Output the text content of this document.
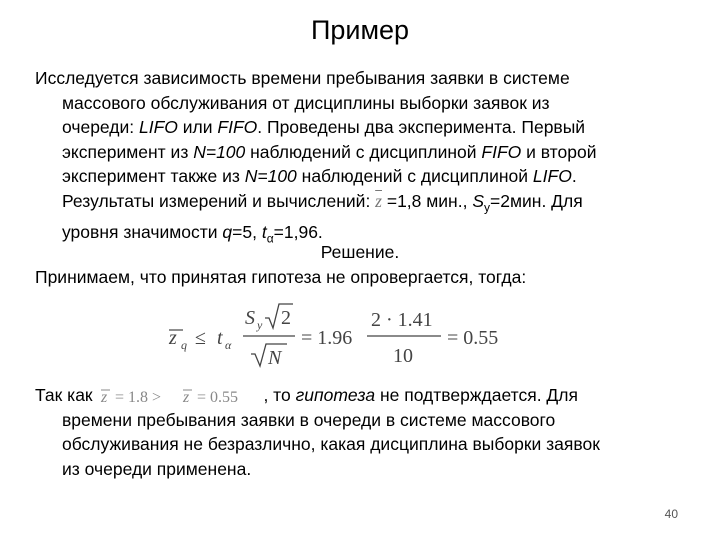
Пример
Исследуется зависимость времени пребывания заявки в системе
массового обслуживания от дисциплины выборки заявок из
очереди: LIFO или FIFO. Проведены два эксперимента. Первый
эксперимент из N=100 наблюдений с дисциплиной FIFO и второй
эксперимент также из N=100 наблюдений с дисциплиной LIFO.
Результаты измерений и вычислений: $\overline{z} =1,8$ мин., $S_y=2мин$. Для
уровня значимости q=5, $t_\alpha=1,96$.
Решение.
Принимаем, что принятая гипотеза не опровергается, тогда:
z q ≤ t α
S y 2
N
= 1.96
2 · 1.41
10
= 0.55
Так как z = 1.8 > z = 0.55 , то гипотеза не подтверждается. Для
времени пребывания заявки в очереди в системе массового
обслуживания не безразлично, какая дисциплина выборки заявок
из очереди применена.
40
